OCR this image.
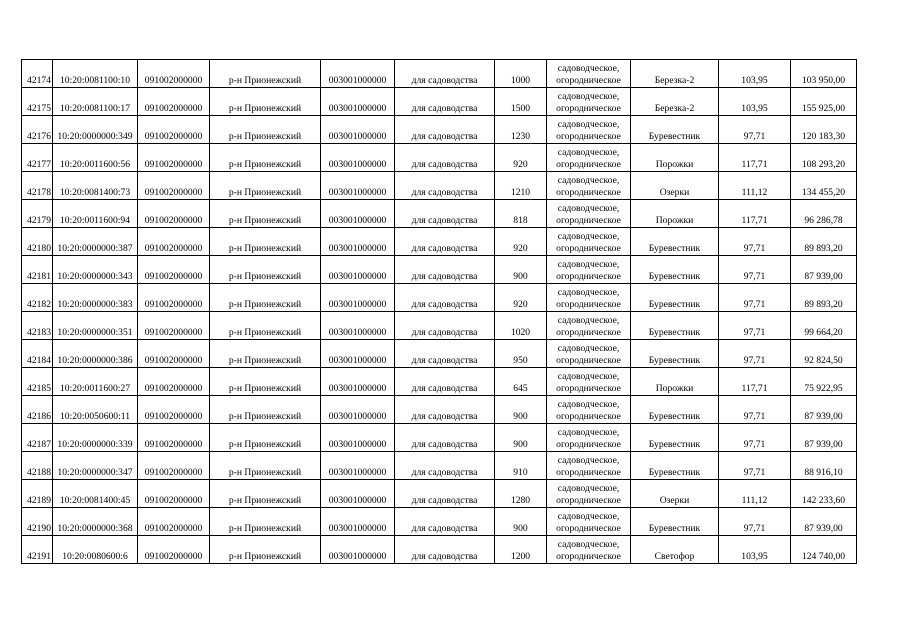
42174	10:20:0081100:10	091002000000	р-н Прионежский	003001000000	для садоводства	1000	садоводческое,
огородническое	Березка-2	103,95	103 950,00
42175	10:20:0081100:17	091002000000	р-н Прионежский	003001000000	для садоводства	1500	садоводческое,
огородническое	Березка-2	103,95	155 925,00
42176	10:20:0000000:349	091002000000	р-н Прионежский	003001000000	для садоводства	1230	садоводческое,
огородническое	Буревестник	97,71	120 183,30
42177	10:20:0011600:56	091002000000	р-н Прионежский	003001000000	для садоводства	920	садоводческое,
огородническое	Порожки	117,71	108 293,20
42178	10:20:0081400:73	091002000000	р-н Прионежский	003001000000	для садоводства	1210	садоводческое,
огородническое	Озерки	111,12	134 455,20
42179	10:20:0011600:94	091002000000	р-н Прионежский	003001000000	для садоводства	818	садоводческое,
огородническое	Порожки	117,71	96 286,78
42180	10:20:0000000:387	091002000000	р-н Прионежский	003001000000	для садоводства	920	садоводческое,
огородническое	Буревестник	97,71	89 893,20
42181	10:20:0000000:343	091002000000	р-н Прионежский	003001000000	для садоводства	900	садоводческое,
огородническое	Буревестник	97,71	87 939,00
42182	10:20:0000000:383	091002000000	р-н Прионежский	003001000000	для садоводства	920	садоводческое,
огородническое	Буревестник	97,71	89 893,20
42183	10:20:0000000:351	091002000000	р-н Прионежский	003001000000	для садоводства	1020	садоводческое,
огородническое	Буревестник	97,71	99 664,20
42184	10:20:0000000:386	091002000000	р-н Прионежский	003001000000	для садоводства	950	садоводческое,
огородническое	Буревестник	97,71	92 824,50
42185	10:20:0011600:27	091002000000	р-н Прионежский	003001000000	для садоводства	645	садоводческое,
огородническое	Порожки	117,71	75 922,95
42186	10:20:0050600:11	091002000000	р-н Прионежский	003001000000	для садоводства	900	садоводческое,
огородническое	Буревестник	97,71	87 939,00
42187	10:20:0000000:339	091002000000	р-н Прионежский	003001000000	для садоводства	900	садоводческое,
огородническое	Буревестник	97,71	87 939,00
42188	10:20:0000000:347	091002000000	р-н Прионежский	003001000000	для садоводства	910	садоводческое,
огородническое	Буревестник	97,71	88 916,10
42189	10:20:0081400:45	091002000000	р-н Прионежский	003001000000	для садоводства	1280	садоводческое,
огородническое	Озерки	111,12	142 233,60
42190	10:20:0000000:368	091002000000	р-н Прионежский	003001000000	для садоводства	900	садоводческое,
огородническое	Буревестник	97,71	87 939,00
42191	10:20:0080600:6	091002000000	р-н Прионежский	003001000000	для садоводства	1200	садоводческое,
огородническое	Светофор	103,95	124 740,00
